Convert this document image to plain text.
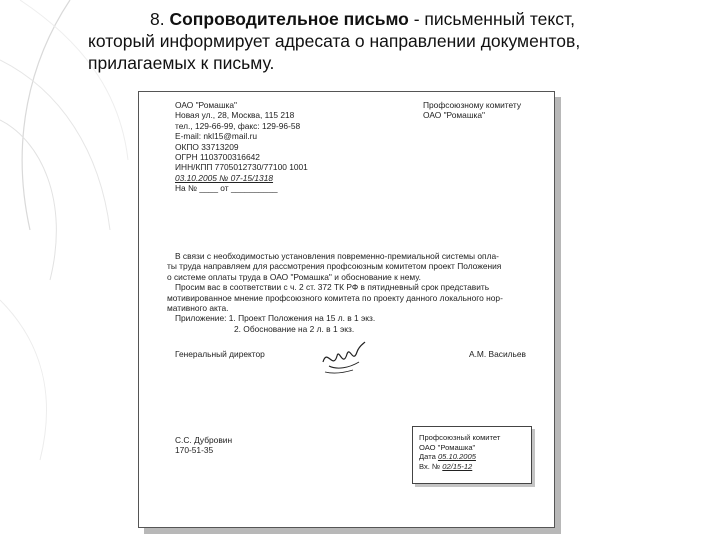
8. Сопроводительное письмо - письменный текст,
который информирует адресата о направлении документов,
прилагаемых к письму.
ОАО "Ромашка"
Новая ул., 28, Москва, 115 218
тел., 129-66-99, факс: 129-96-58
E-mail: nkl15@mail.ru
ОКПО 33713209
ОГРН 1103700316642
ИНН/КПП 7705012730/77100 1001
03.10.2005 № 07-15/1318
На № ____ от __________
Профсоюзному комитету
ОАО "Ромашка"
В связи с необходимостью установления повременно-премиальной системы опла-
ты труда направляем для рассмотрения профсоюзным комитетом проект Положения
о системе оплаты труда в ОАО "Ромашка" и обоснование к нему.
Просим вас в соответствии с ч. 2 ст. 372 ТК РФ в пятидневный срок представить
мотивированное мнение профсоюзного комитета по проекту данного локального нор-
мативного акта.
Приложение: 1. Проект Положения на 15 л. в 1 экз.
2. Обоснование на 2 л. в 1 экз.
Генеральный директор	А.М. Васильев
С.С. Дубровин
170-51-35
Профсоюзный комитет
ОАО "Ромашка"
Дата 05.10.2005
Вх. № 02/15-12
